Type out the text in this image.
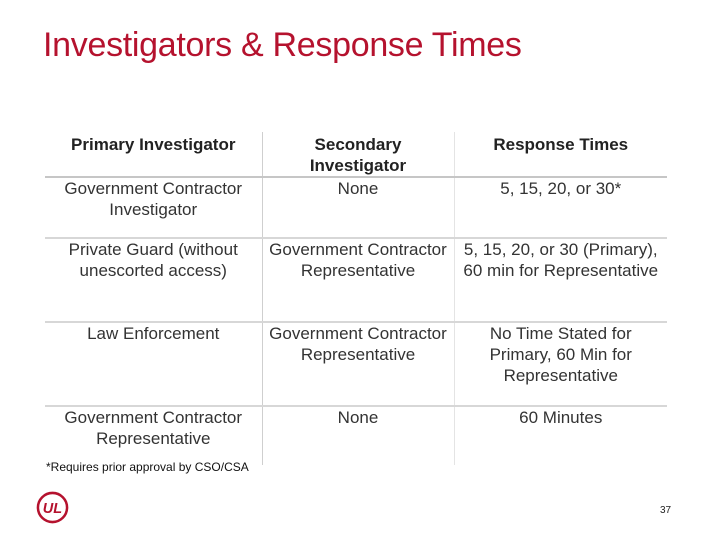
Investigators & Response Times
Primary Investigator	Secondary Investigator	Response Times
Government Contractor Investigator	None	5, 15, 20, or 30*
Private Guard (without unescorted access)	Government Contractor Representative	5, 15, 20, or 30 (Primary), 60 min for Representative
Law Enforcement	Government Contractor Representative	No Time Stated for Primary, 60 Min for Representative
Government Contractor Representative	None	60 Minutes
*Requires prior approval by CSO/CSA
UL	37
